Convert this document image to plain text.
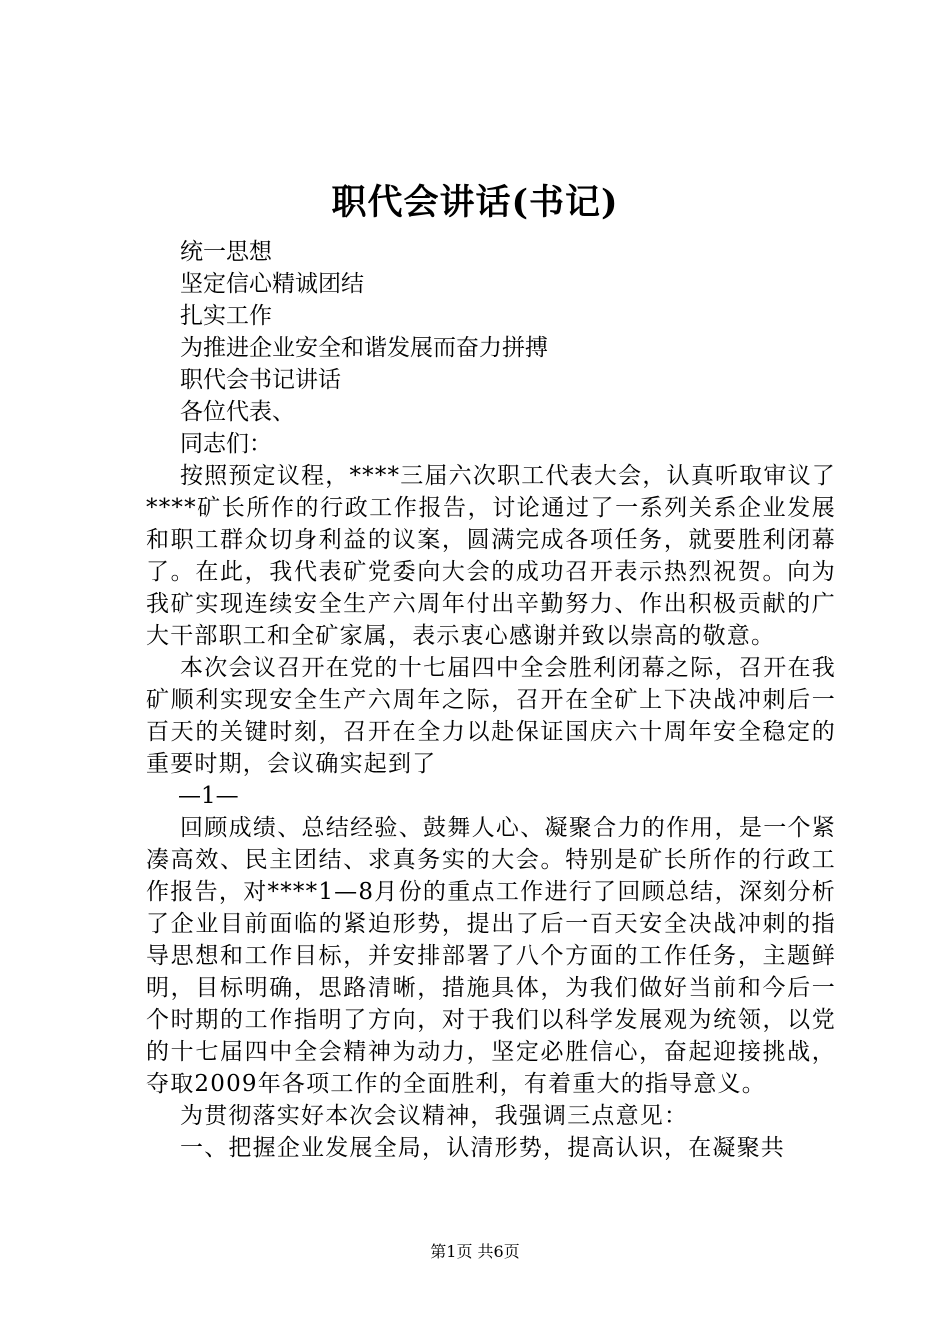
职代会讲话(书记)

统一思想

坚定信心精诚团结

扎实工作

为推进企业安全和谐发展而奋力拼搏

职代会书记讲话

各位代表、

同志们：

按照预定议程，****三届六次职工代表大会，认真听取审议了****矿长所作的行政工作报告，讨论通过了一系列关系企业发展和职工群众切身利益的议案，圆满完成各项任务，就要胜利闭幕了。在此，我代表矿党委向大会的成功召开表示热烈祝贺。向为我矿实现连续安全生产六周年付出辛勤努力、作出积极贡献的广大干部职工和全矿家属，表示衷心感谢并致以崇高的敬意。

本次会议召开在党的十七届四中全会胜利闭幕之际，召开在我矿顺利实现安全生产六周年之际，召开在全矿上下决战冲刺后一百天的关键时刻，召开在全力以赴保证国庆六十周年安全稳定的重要时期，会议确实起到了

—1—

回顾成绩、总结经验、鼓舞人心、凝聚合力的作用，是一个紧凑高效、民主团结、求真务实的大会。特别是矿长所作的行政工作报告，对****1—8月份的重点工作进行了回顾总结，深刻分析了企业目前面临的紧迫形势，提出了后一百天安全决战冲刺的指导思想和工作目标，并安排部署了八个方面的工作任务，主题鲜明，目标明确，思路清晰，措施具体，为我们做好当前和今后一个时期的工作指明了方向，对于我们以科学发展观为统领，以党的十七届四中全会精神为动力，坚定必胜信心，奋起迎接挑战，夺取2009年各项工作的全面胜利，有着重大的指导意义。

为贯彻落实好本次会议精神，我强调三点意见：

一、把握企业发展全局，认清形势，提高认识，在凝聚共

第1页 共6页
